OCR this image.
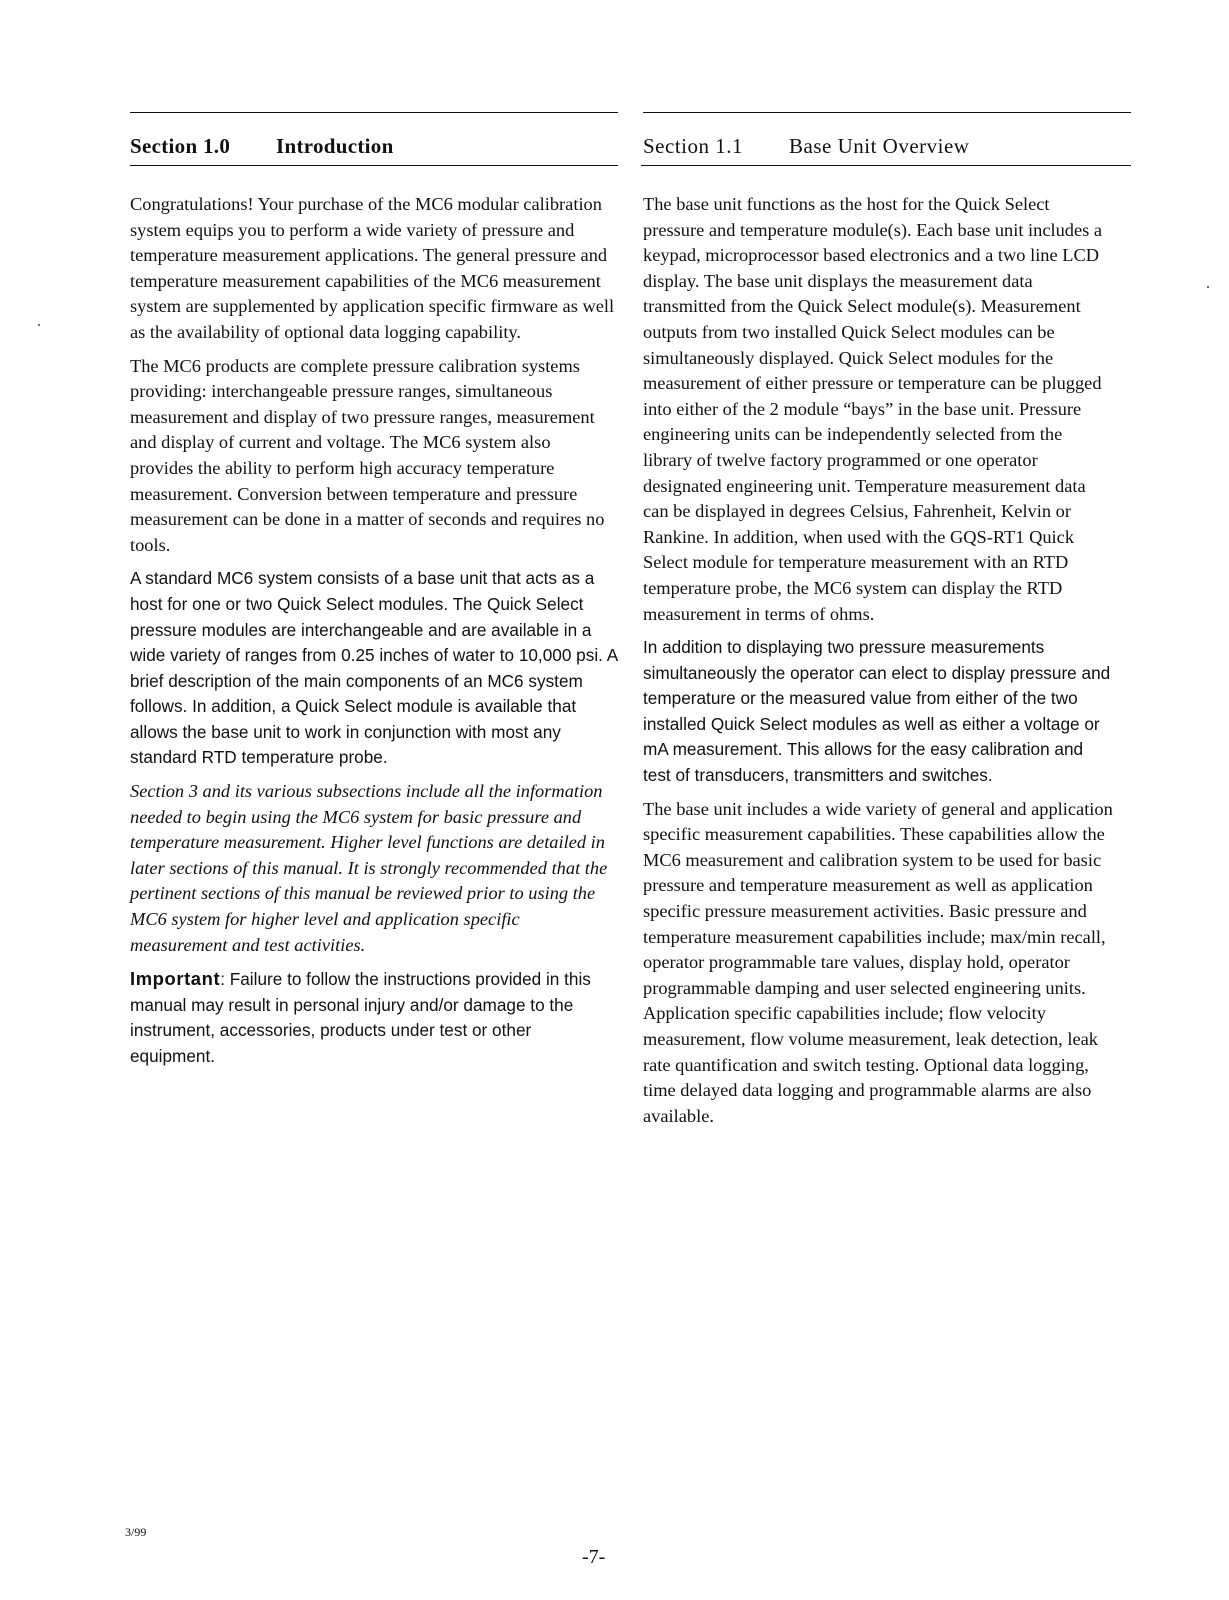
Section 1.0	Introduction

Congratulations! Your purchase of the MC6 modular calibration system equips you to perform a wide variety of pressure and temperature measurement applications. The general pressure and temperature measurement capabilities of the MC6 measurement system are supplemented by application specific firmware as well as the availability of optional data logging capability.

The MC6 products are complete pressure calibration systems providing: interchangeable pressure ranges, simultaneous measurement and display of two pressure ranges, measurement and display of current and voltage. The MC6 system also provides the ability to perform high accuracy temperature measurement. Conversion between temperature and pressure measurement can be done in a matter of seconds and requires no tools.

A standard MC6 system consists of a base unit that acts as a host for one or two Quick Select modules. The Quick Select pressure modules are interchangeable and are available in a wide variety of ranges from 0.25 inches of water to 10,000 psi. A brief description of the main components of an MC6 system follows. In addition, a Quick Select module is available that allows the base unit to work in conjunction with most any standard RTD temperature probe.

Section 3 and its various subsections include all the information needed to begin using the MC6 system for basic pressure and temperature measurement. Higher level functions are detailed in later sections of this manual. It is strongly recommended that the pertinent sections of this manual be reviewed prior to using the MC6 system for higher level and application specific measurement and test activities.

Important: Failure to follow the instructions provided in this manual may result in personal injury and/or damage to the instrument, accessories, products under test or other equipment.

Section 1.1	Base Unit Overview

The base unit functions as the host for the Quick Select pressure and temperature module(s). Each base unit includes a keypad, microprocessor based electronics and a two line LCD display. The base unit displays the measurement data transmitted from the Quick Select module(s). Measurement outputs from two installed Quick Select modules can be simultaneously displayed. Quick Select modules for the measurement of either pressure or temperature can be plugged into either of the 2 module “bays” in the base unit. Pressure engineering units can be independently selected from the library of twelve factory programmed or one operator designated engineering unit. Temperature measurement data can be displayed in degrees Celsius, Fahrenheit, Kelvin or Rankine. In addition, when used with the GQS-RT1 Quick Select module for temperature measurement with an RTD temperature probe, the MC6 system can display the RTD measurement in terms of ohms.

In addition to displaying two pressure measurements simultaneously the operator can elect to display pressure and temperature or the measured value from either of the two installed Quick Select modules as well as either a voltage or mA measurement. This allows for the easy calibration and test of transducers, transmitters and switches.

The base unit includes a wide variety of general and application specific measurement capabilities. These capabilities allow the MC6 measurement and calibration system to be used for basic pressure and temperature measurement as well as application specific pressure measurement activities. Basic pressure and temperature measurement capabilities include; max/min recall, operator programmable tare values, display hold, operator programmable damping and user selected engineering units. Application specific capabilities include; flow velocity measurement, flow volume measurement, leak detection, leak rate quantification and switch testing. Optional data logging, time delayed data logging and programmable alarms are also available.

3/99
-7-
